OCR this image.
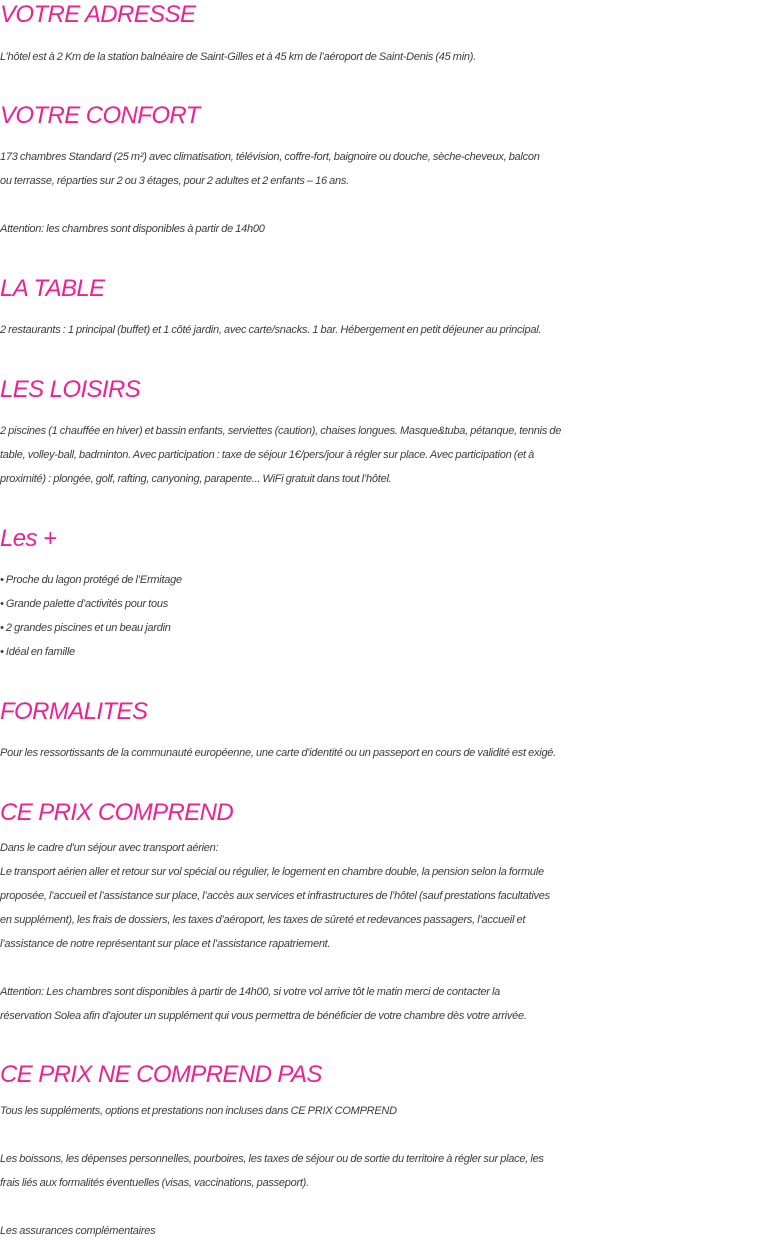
VOTRE ADRESSE

L’hôtel est à 2 Km de la station balnéaire de Saint-Gilles et à 45 km de l’aéroport de Saint-Denis (45 min).

VOTRE CONFORT

173 chambres Standard (25 m²) avec climatisation, télévision, coffre-fort, baignoire ou douche, sèche-cheveux, balcon

ou terrasse, réparties sur 2 ou 3 étages, pour 2 adultes et 2 enfants – 16 ans.

Attention: les chambres sont disponibles à partir de 14h00

LA TABLE

2 restaurants : 1 principal (buffet) et 1 côté jardin, avec carte/snacks. 1 bar. Hébergement en petit déjeuner au principal.

LES LOISIRS

2 piscines (1 chauffée en hiver) et bassin enfants, serviettes (caution), chaises longues. Masque&tuba, pétanque, tennis de

table, volley-ball, badminton. Avec participation : taxe de séjour 1€/pers/jour à régler sur place. Avec participation (et à

proximité) : plongée, golf, rafting, canyoning, parapente... WiFi gratuit dans tout l’hôtel.

Les +

• Proche du lagon protégé de l’Ermitage

• Grande palette d’activités pour tous

• 2 grandes piscines et un beau jardin

• Idéal en famille

FORMALITES

Pour les ressortissants de la communauté européenne, une carte d'identité ou un passeport en cours de validité est exigé.

CE PRIX COMPREND

Dans le cadre d'un séjour avec transport aérien:

Le transport aérien aller et retour sur vol spécial ou régulier, le logement en chambre double, la pension selon la formule

proposée, l’accueil et l’assistance sur place, l’accès aux services et infrastructures de l’hôtel (sauf prestations facultatives

en supplément), les frais de dossiers, les taxes d’aéroport, les taxes de sûreté et redevances passagers, l’accueil et

l’assistance de notre représentant sur place et l’assistance rapatriement.

Attention: Les chambres sont disponibles à partir de 14h00, si votre vol arrive tôt le matin merci de contacter la

réservation Solea afin d'ajouter un supplément qui vous permettra de bénéficier de votre chambre dès votre arrivée.

CE PRIX NE COMPREND PAS

Tous les suppléments, options et prestations non incluses dans CE PRIX COMPREND

Les boissons, les dépenses personnelles, pourboires, les taxes de séjour ou de sortie du territoire à régler sur place, les

frais liés aux formalités éventuelles (visas, vaccinations, passeport).

Les assurances complémentaires
